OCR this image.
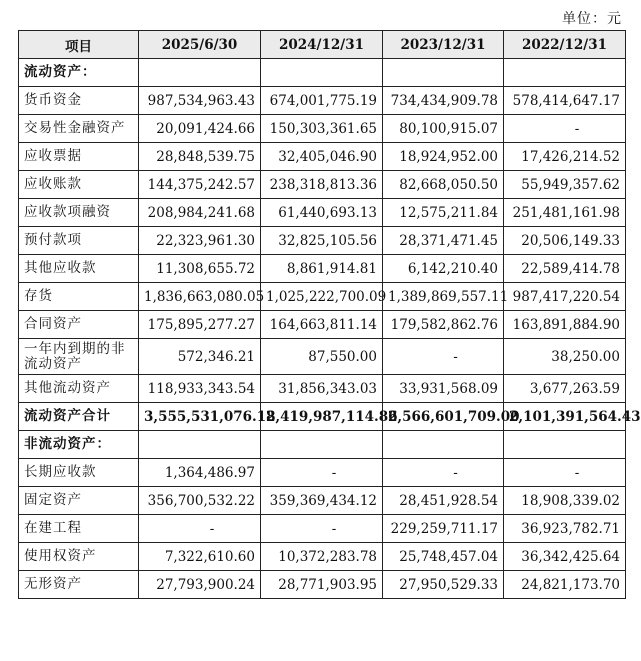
单位：元
项目	2025/6/30	2024/12/31	2023/12/31	2022/12/31
流动资产：				
货币资金	987,534,963.43	674,001,775.19	734,434,909.78	578,414,647.17
交易性金融资产	20,091,424.66	150,303,361.65	80,100,915.07	-
应收票据	28,848,539.75	32,405,046.90	18,924,952.00	17,426,214.52
应收账款	144,375,242.57	238,318,813.36	82,668,050.50	55,949,357.62
应收款项融资	208,984,241.68	61,440,693.13	12,575,211.84	251,481,161.98
预付款项	22,323,961.30	32,825,105.56	28,371,471.45	20,506,149.33
其他应收款	11,308,655.72	8,861,914.81	6,142,210.40	22,589,414.78
存货	1,836,663,080.05	1,025,222,700.09	1,389,869,557.11	987,417,220.54
合同资产	175,895,277.27	164,663,811.14	179,582,862.76	163,891,884.90
一年内到期的非流动资产	572,346.21	87,550.00	-	38,250.00
其他流动资产	118,933,343.54	31,856,343.03	33,931,568.09	3,677,263.59
流动资产合计	3,555,531,076.18	2,419,987,114.86	2,566,601,709.00	2,101,391,564.43
非流动资产：				
长期应收款	1,364,486.97	-	-	-
固定资产	356,700,532.22	359,369,434.12	28,451,928.54	18,908,339.02
在建工程	-	-	229,259,711.17	36,923,782.71
使用权资产	7,322,610.60	10,372,283.78	25,748,457.04	36,342,425.64
无形资产	27,793,900.24	28,771,903.95	27,950,529.33	24,821,173.70
